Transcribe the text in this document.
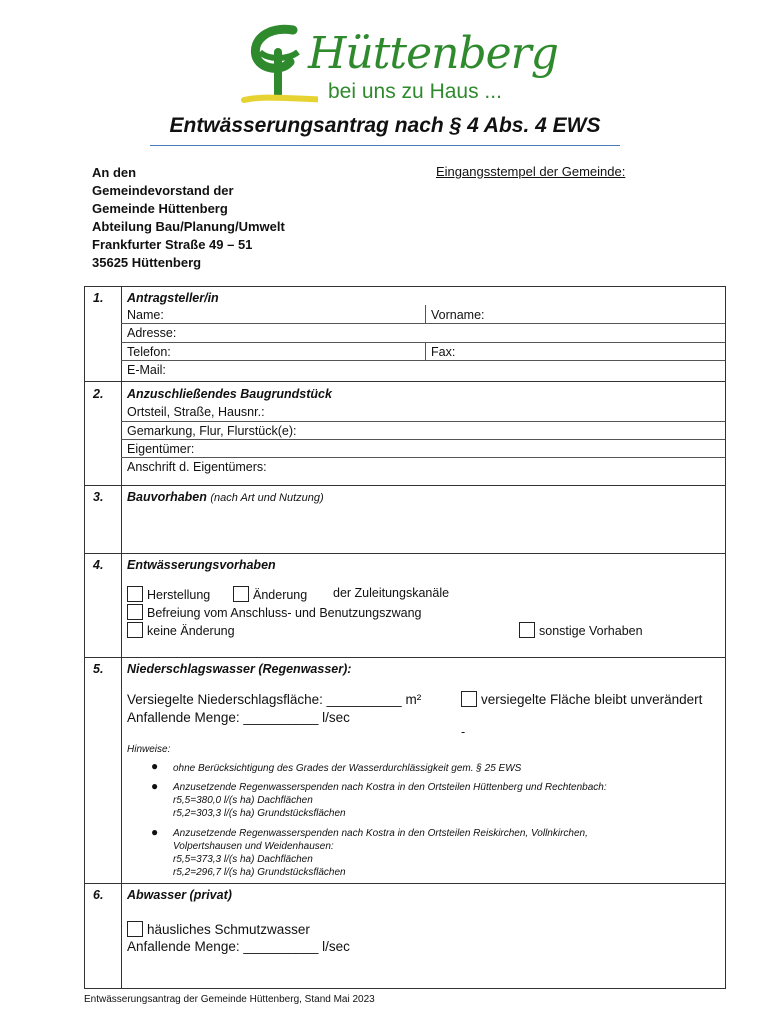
Hüttenberg
bei uns zu Haus ...
Entwässerungsantrag nach § 4 Abs. 4 EWS
An den
Gemeindevorstand der
Gemeinde Hüttenberg
Abteilung Bau/Planung/Umwelt
Frankfurter Straße 49 – 51
35625 Hüttenberg
Eingangsstempel der Gemeinde:
1. Antragsteller/in
Name:	Vorname:
Adresse:
Telefon:	Fax:
E-Mail:
2. Anzuschließendes Baugrundstück
Ortsteil, Straße, Hausnr.:
Gemarkung, Flur, Flurstück(e):
Eigentümer:
Anschrift d. Eigentümers:
3. Bauvorhaben (nach Art und Nutzung)
4. Entwässerungsvorhaben
Herstellung	Änderung der Zuleitungskanäle
Befreiung vom Anschluss- und Benutzungszwang
keine Änderung	sonstige Vorhaben
5. Niederschlagswasser (Regenwasser):
Versiegelte Niederschlagsfläche: __________ m²	versiegelte Fläche bleibt unverändert
Anfallende Menge: __________ l/sec
-
Hinweise:
● ohne Berücksichtigung des Grades der Wasserdurchlässigkeit gem. § 25 EWS
● Anzusetzende Regenwasserspenden nach Kostra in den Ortsteilen Hüttenberg und Rechtenbach:
r5,5=380,0 l/(s ha) Dachflächen
r5,2=303,3 l/(s ha) Grundstücksflächen
● Anzusetzende Regenwasserspenden nach Kostra in den Ortsteilen Reiskirchen, Vollnkirchen,
Volpertshausen und Weidenhausen:
r5,5=373,3 l/(s ha) Dachflächen
r5,2=296,7 l/(s ha) Grundstücksflächen
6. Abwasser (privat)
häusliches Schmutzwasser
Anfallende Menge: __________ l/sec
Entwässerungsantrag der Gemeinde Hüttenberg, Stand Mai 2023
